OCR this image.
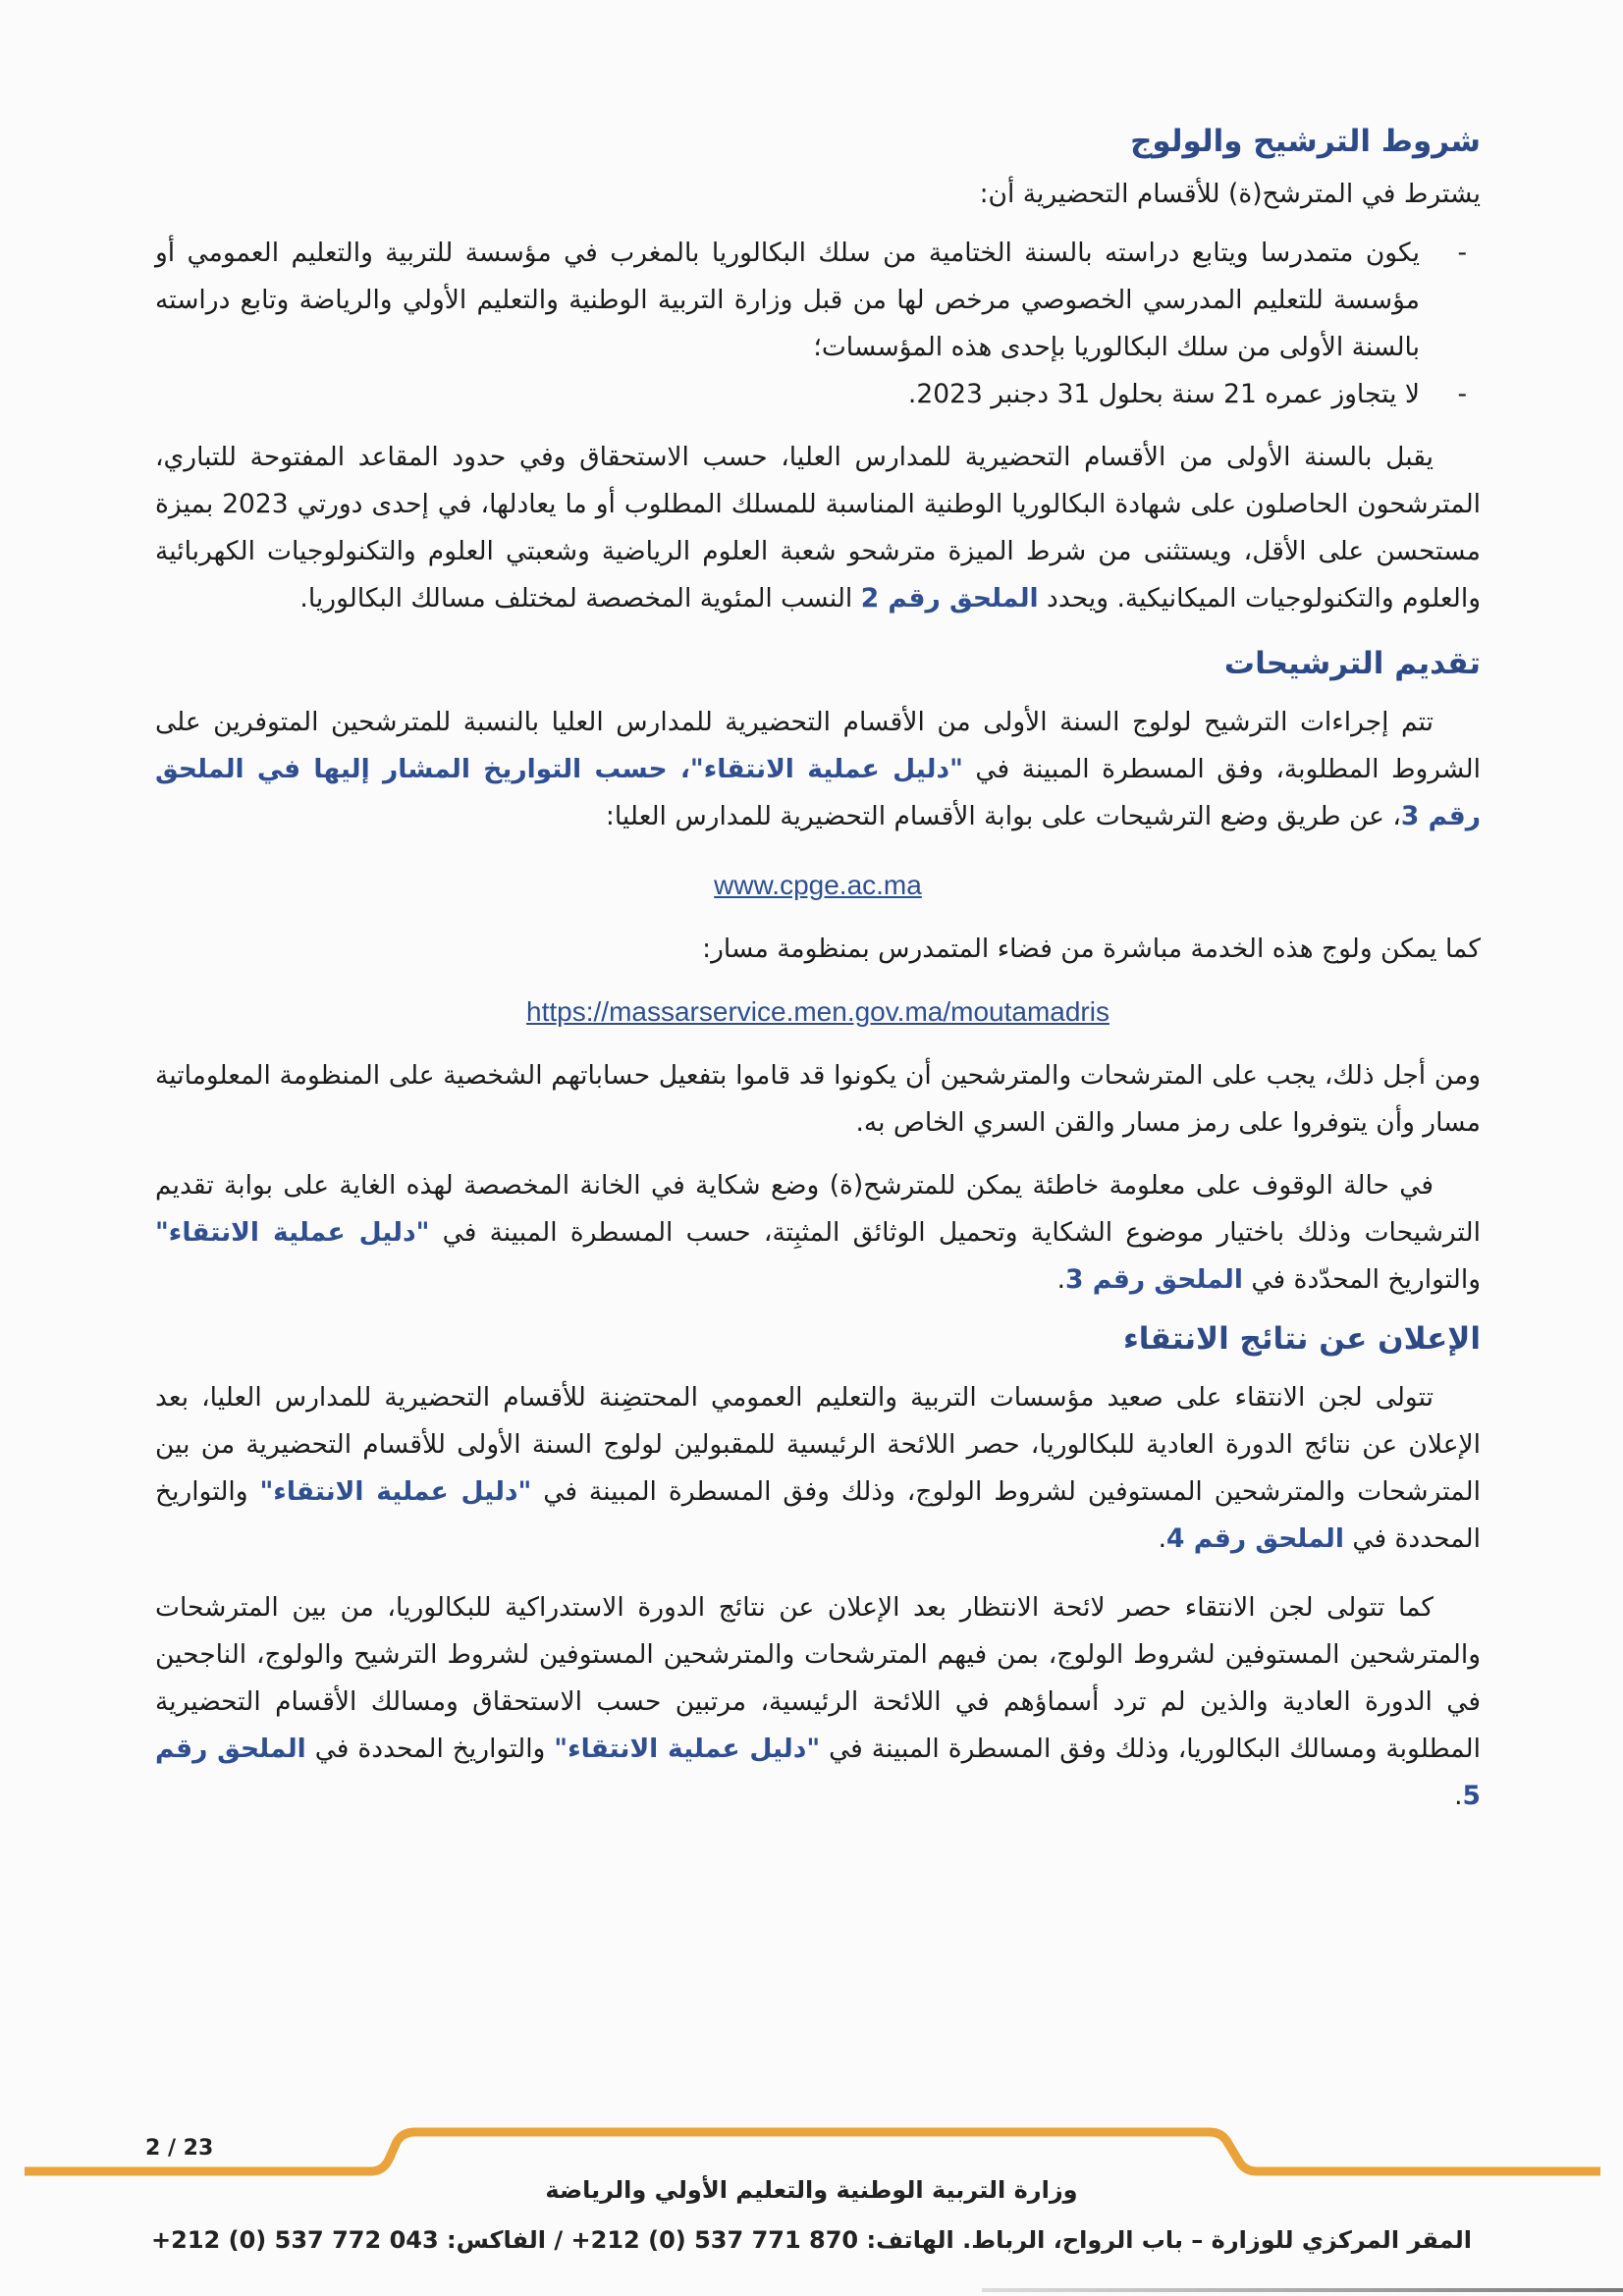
شروط الترشيح والولوج

يشترط في المترشح(ة) للأقسام التحضيرية أن:

-
يكون متمدرسا ويتابع دراسته بالسنة الختامية من سلك البكالوريا بالمغرب في مؤسسة للتربية والتعليم العمومي أو مؤسسة للتعليم المدرسي الخصوصي مرخص لها من قبل وزارة التربية الوطنية والتعليم الأولي والرياضة وتابع دراسته بالسنة الأولى من سلك البكالوريا بإحدى هذه المؤسسات؛
-
لا يتجاوز عمره 21 سنة بحلول 31 دجنبر 2023.

يقبل بالسنة الأولى من الأقسام التحضيرية للمدارس العليا، حسب الاستحقاق وفي حدود المقاعد المفتوحة للتباري، المترشحون الحاصلون على شهادة البكالوريا الوطنية المناسبة للمسلك المطلوب أو ما يعادلها، في إحدى دورتي 2023 بميزة مستحسن على الأقل، ويستثنى من شرط الميزة مترشحو شعبة العلوم الرياضية وشعبتي العلوم والتكنولوجيات الكهربائية والعلوم والتكنولوجيات الميكانيكية. ويحدد الملحق رقم 2 النسب المئوية المخصصة لمختلف مسالك البكالوريا.

تقديم الترشيحات

تتم إجراءات الترشيح لولوج السنة الأولى من الأقسام التحضيرية للمدارس العليا بالنسبة للمترشحين المتوفرين على الشروط المطلوبة، وفق المسطرة المبينة في "دليل عملية الانتقاء"، حسب التواريخ المشار إليها في الملحق رقم 3، عن طريق وضع الترشيحات على بوابة الأقسام التحضيرية للمدارس العليا:

www.cpge.ac.ma

كما يمكن ولوج هذه الخدمة مباشرة من فضاء المتمدرس بمنظومة مسار:

https://massarservice.men.gov.ma/moutamadris

ومن أجل ذلك، يجب على المترشحات والمترشحين أن يكونوا قد قاموا بتفعيل حساباتهم الشخصية على المنظومة المعلوماتية مسار وأن يتوفروا على رمز مسار والقن السري الخاص به.

في حالة الوقوف على معلومة خاطئة يمكن للمترشح(ة) وضع شكاية في الخانة المخصصة لهذه الغاية على بوابة تقديم الترشيحات وذلك باختيار موضوع الشكاية وتحميل الوثائق المثبِتة، حسب المسطرة المبينة في "دليل عملية الانتقاء" والتواريخ المحدّدة في الملحق رقم 3.

الإعلان عن نتائج الانتقاء

تتولى لجن الانتقاء على صعيد مؤسسات التربية والتعليم العمومي المحتضِنة للأقسام التحضيرية للمدارس العليا، بعد الإعلان عن نتائج الدورة العادية للبكالوريا، حصر اللائحة الرئيسية للمقبولين لولوج السنة الأولى للأقسام التحضيرية من بين المترشحات والمترشحين المستوفين لشروط الولوج، وذلك وفق المسطرة المبينة في "دليل عملية الانتقاء" والتواريخ المحددة في الملحق رقم 4.

كما تتولى لجن الانتقاء حصر لائحة الانتظار بعد الإعلان عن نتائج الدورة الاستدراكية للبكالوريا، من بين المترشحات والمترشحين المستوفين لشروط الولوج، بمن فيهم المترشحات والمترشحين المستوفين لشروط الترشيح والولوج، الناجحين في الدورة العادية والذين لم ترد أسماؤهم في اللائحة الرئيسية، مرتبين حسب الاستحقاق ومسالك الأقسام التحضيرية المطلوبة ومسالك البكالوريا، وذلك وفق المسطرة المبينة في "دليل عملية الانتقاء" والتواريخ المحددة في الملحق رقم 5.

2 / 23
وزارة التربية الوطنية والتعليم الأولي والرياضة
المقر المركزي للوزارة – باب الرواح، الرباط. الهاتف: 870 771 537 (0) 212+ / الفاكس: 043 772 537 (0) 212+
